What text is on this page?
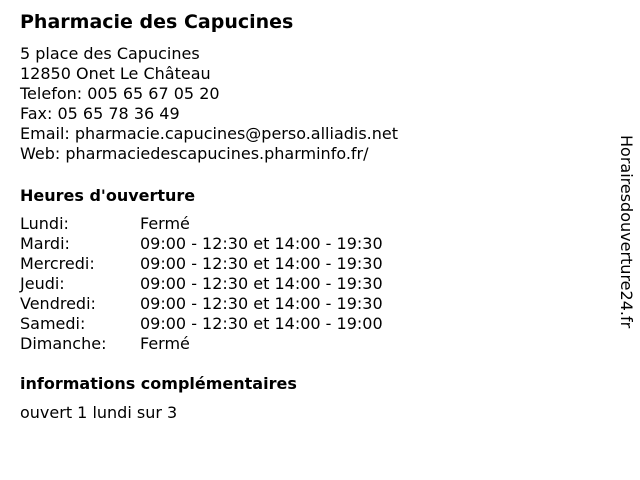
Pharmacie des Capucines
5 place des Capucines
12850 Onet Le Château
Telefon: 005 65 67 05 20
Fax: 05 65 78 36 49
Email: pharmacie.capucines@perso.alliadis.net
Web: pharmaciedescapucines.pharminfo.fr/
Heures d'ouverture
Lundi:	Fermé
Mardi:	09:00 - 12:30 et 14:00 - 19:30
Mercredi:	09:00 - 12:30 et 14:00 - 19:30
Jeudi:	09:00 - 12:30 et 14:00 - 19:30
Vendredi:	09:00 - 12:30 et 14:00 - 19:30
Samedi:	09:00 - 12:30 et 14:00 - 19:00
Dimanche:	Fermé
informations complémentaires
ouvert 1 lundi sur 3
Horairesdouverture24.fr
